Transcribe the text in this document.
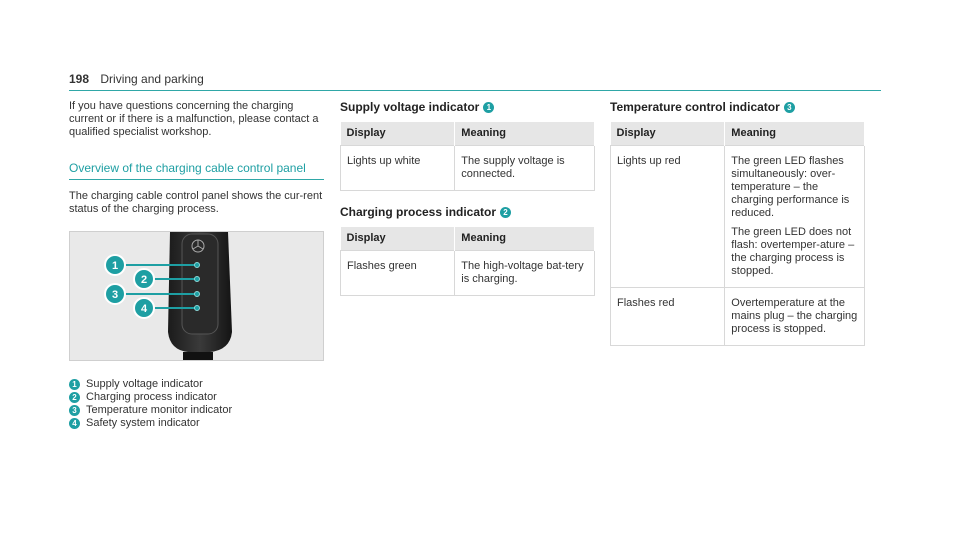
198 Driving and parking

If you have questions concerning the charging current or if there is a malfunction, please contact a qualified specialist workshop.

Overview of the charging cable control panel

The charging cable control panel shows the cur-rent status of the charging process.

1
2
3
4
1 Supply voltage indicator
2 Charging process indicator
3 Temperature monitor indicator
4 Safety system indicator
Supply voltage indicator 1
Display	Meaning
Lights up white	The supply voltage is connected.
Charging process indicator 2
Display	Meaning
Flashes green	The high-voltage bat-tery is charging.
Temperature control indicator 3
Display	Meaning
Lights up red	The green LED flashes simultaneously: over-temperature – the charging performance is reduced.

The green LED does not flash: overtemper-ature – the charging process is stopped.

Flashes red	Overtemperature at the mains plug – the charging process is stopped.
